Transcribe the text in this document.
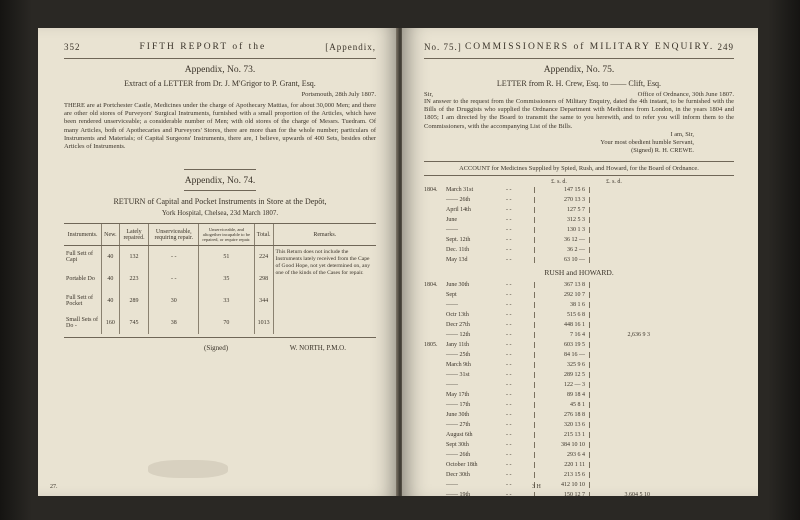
352	FIFTH REPORT of the	[Appendix,
Appendix, No. 73.
Extract of a LETTER from Dr. J. M'Grigor to P. Grant, Esq.
Portsmouth, 28th July 1807.
THERE are at Portchester Castle, Medicines under the charge of Apothecary Mattias, for about 30,000 Men; and there are other old stores of Purveyors' Surgical Instruments, furnished with a small proportion of the Articles, which have been rendered unserviceable; a considerable number of Men; with old stores of the charge of Messrs. Tuedram. Of many Articles, both of Apothecaries and Purveyors' Stores, there are more than for the whole number; particulars of Instruments and Materials; of Capital Surgeons' Instruments, there are, I believe, upwards of 400 Sets, besides other Articles of Instruments.
Appendix, No. 74.
RETURN of Capital and Pocket Instruments in Store at the Depôt,
York Hospital, Chelsea, 23d March 1807.
Instruments.	New.	Lately repaired.	Unserviceable, requiring repair.	Unserviceable, and altogether incapable to be repaired, or require repair.	Total.	Remarks.
Full Sett of Capi	40	132	- -	51	224	This Return does not include the Instruments lately received from the Cape of Good Hope, not yet determined on, any one of the kinds of the Cases for repair.
Portable Do	40	223	- -	35	298	
Full Sett of Pocket	40	289	30	33	344	
Small Sets of Do -	160	745	38	70	1013	
(Signed)	W. NORTH, P.M.O.
27.
No. 75.] COMMISSIONERS of MILITARY ENQUIRY. 249
Appendix, No. 75.
LETTER from R. H. Crew, Esq. to —— Clift, Esq.
Sir,	Office of Ordnance, 30th June 1807.
IN answer to the request from the Commissioners of Military Enquiry, dated the 4th instant, to be furnished with the Bills of the Druggists who supplied the Ordnance Department with Medicines from London, in the years 1804 and 1805; I am directed by the Board to transmit the same to you herewith, and to refer you will inform them to the Commissioners, with the accompanying List of the Bills.
I am, Sir,
Your most obedient humble Servant,
(Signed) R. H. CREWE.
ACCOUNT for Medicines Supplied by Spied, Rush, and Howard, for the Board of Ordnance.
£. s. d.	£. s. d.
1804.	March 31st	- -	147 15 6
—— 26th	- -	270 13 3
April 14th	- -	127 5 7
June	- -	312 5 3
——	- -	130 1 3
Sept. 12th	- -	36 12 —
Dec. 11th	- -	36 2 —
May 13d	- -	63 10 —
RUSH and HOWARD.
1804.	June 30th	- -	367 13 8
Sept	- -	292 10 7
——	- -	38 1 6
Octr 13th	- -	515 6 8
Decr 27th	- -	448 16 1
—— 12th	- -	7 16 4	2,636 9 3
1805.	Jany 11th	- -	603 19 5
—— 25th	- -	84 16 —
March 9th	- -	325 9 6
—— 31st	- -	289 12 5
——	- -	122 — 3
May 17th	- -	89 18 4
—— 17th	- -	45 8 1
June 30th	- -	276 18 8
—— 27th	- -	320 13 6
August 6th	- -	215 13 1
Sept 30th	- -	384 10 10
—— 26th	- -	293 6 4
October 18th	- -	220 1 11
Decr 30th	- -	213 15 6
——	- -	412 10 10
—— 19th	- -	150 12 7	3,604 5 10
3 H
